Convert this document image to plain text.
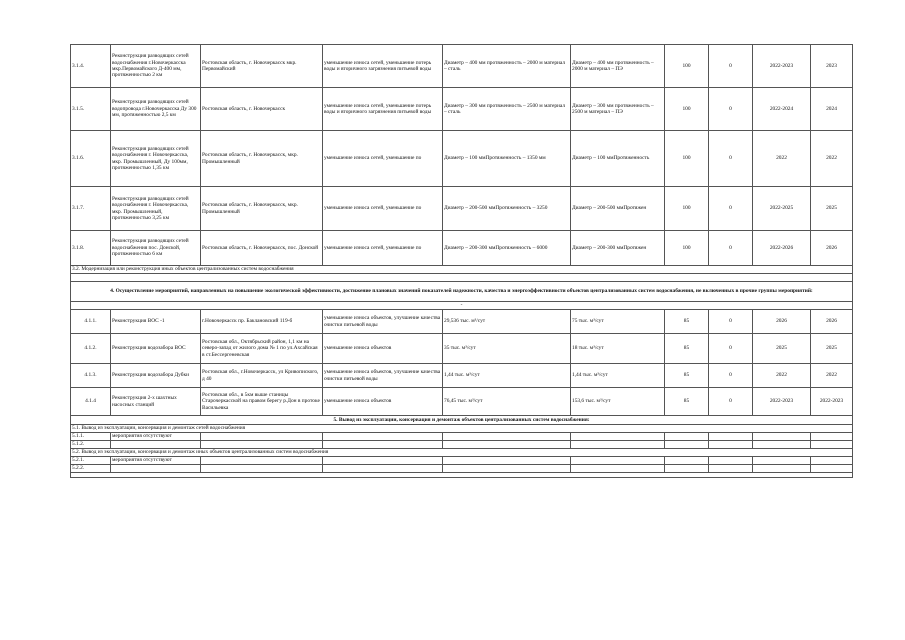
3.1.4.	Реконструкция разводящих сетей водоснабжения г.Новочеркасска мкр.Первомайского Д-400 мм, протяженностью 2 км	Ростовская область, г. Новочеркасск мкр. Первомайский	уменьшение износа сетей, уменьшение потерь воды и вторичного загрязнения питьевой воды	Диаметр – 400 мм протяженность – 2000 м материал – сталь	Диаметр – 400 мм протяженность – 2000 м материал – ПЭ	100	0	2022-2023	2023
3.1.5.	Реконструкция разводящих сетей водопровода г.Новочеркасска Ду 300 мм, протяженностью 2,5 км	Ростовская область, г. Новочеркасск	уменьшение износа сетей, уменьшение потерь воды и вторичного загрязнения питьевой воды	Диаметр – 300 мм протяженность – 2500 м материал – сталь	Диаметр – 300 мм протяженность – 2500 м материал – ПЭ	100	0	2022-2024	2024
3.1.6.	Реконструкция разводящих сетей водоснабжения г. Новочеркасска, мкр. Промышленный, Ду 100мм, протяженностью 1,35 км	Ростовская область, г. Новочеркасск, мкр. Промышленный	уменьшение износа сетей, уменьшение по	Диаметр – 100 ммПротяженность – 1350 мм	Диаметр – 100 ммПротяженность	100	0	2022	2022
3.1.7.	Реконструкция разводящих сетей водоснабжения г. Новочеркасска, мкр. Промышленный, протяженностью 3,25 км	Ростовская область, г. Новочеркасск, мкр. Промышленный	уменьшение износа сетей, уменьшение по	Диаметр – 200-500 ммПротяженность – 3250	Диаметр – 200-500 ммПротяжен	100	0	2022-2025	2025
3.1.8.	Реконструкция разводящих сетей водоснабжения пос. Донской, протяженностью 6 км	Ростовская область, г. Новочеркасск, пос. Донской	уменьшение износа сетей, уменьшение по	Диаметр – 200-300 ммПротяженность – 6000	Диаметр – 200-300 ммПротяжен	100	0	2022-2026	2026
3.2. Модернизация или реконструкция иных объектов централизованных систем водоснабжения									

4. Осуществление мероприятий, направленных на повышение экологической эффективности, достижение плановых значений показателей надежности, качества и энергоэффективности объектов централизованных систем водоснабжения, не включенных в прочие группы мероприятий:									
-									
4.1.1.	Реконструкция ВОС -1	г.Новочеркасск пр. Баклановский 119-б	уменьшение износа объектов, улучшение качества очистки питьевой воды	29,536 тыс. м³/сут	75 тыс. м³/сут	85	0	2026	2026
4.1.2.	Реконструкция водозабора ВОС	Ростовская обл., Октябрьский район, 1,1 км на северо-запад от жилого дома № 1 по ул.Ахсайская в ст.Бессергеневская	уменьшение износа объектов	35 тыс. м³/сут	18 тыс. м³/сут	85	0	2025	2025
4.1.3.	Реконструкция водозабора Дубки	Ростовская обл., г.Новочеркасск, ул Кривопиского, д 40	уменьшение износа объектов, улучшение качества очистки питьевой воды	1,44 тыс. м³/сут	1,44 тыс. м³/сут	85	0	2022	2022
4.1.4	Реконструкция 2-х шахтных насосных станций	Ростовская обл., в 5км выше станицы Старочеркасской на правом берегу р.Дон в протоке Васильевка	уменьшение износа объектов	76,45 тыс. м³/сут	153,6 тыс. м³/сут	85	0	2022-2023	2022-2023
5. Вывод из эксплуатации, консервация и демонтаж объектов централизованных систем водоснабжения:									
5.1. Вывод из эксплуатации, консервация и демонтаж сетей водоснабжения									
5.1.1.	мероприятия отсутствуют								
5.1.2.									
5.2. Вывод из эксплуатации, консервация и демонтаж иных объектов централизованных систем водоснабжения									
5.2.1.	мероприятия отсутствуют								
5.2.2.									
